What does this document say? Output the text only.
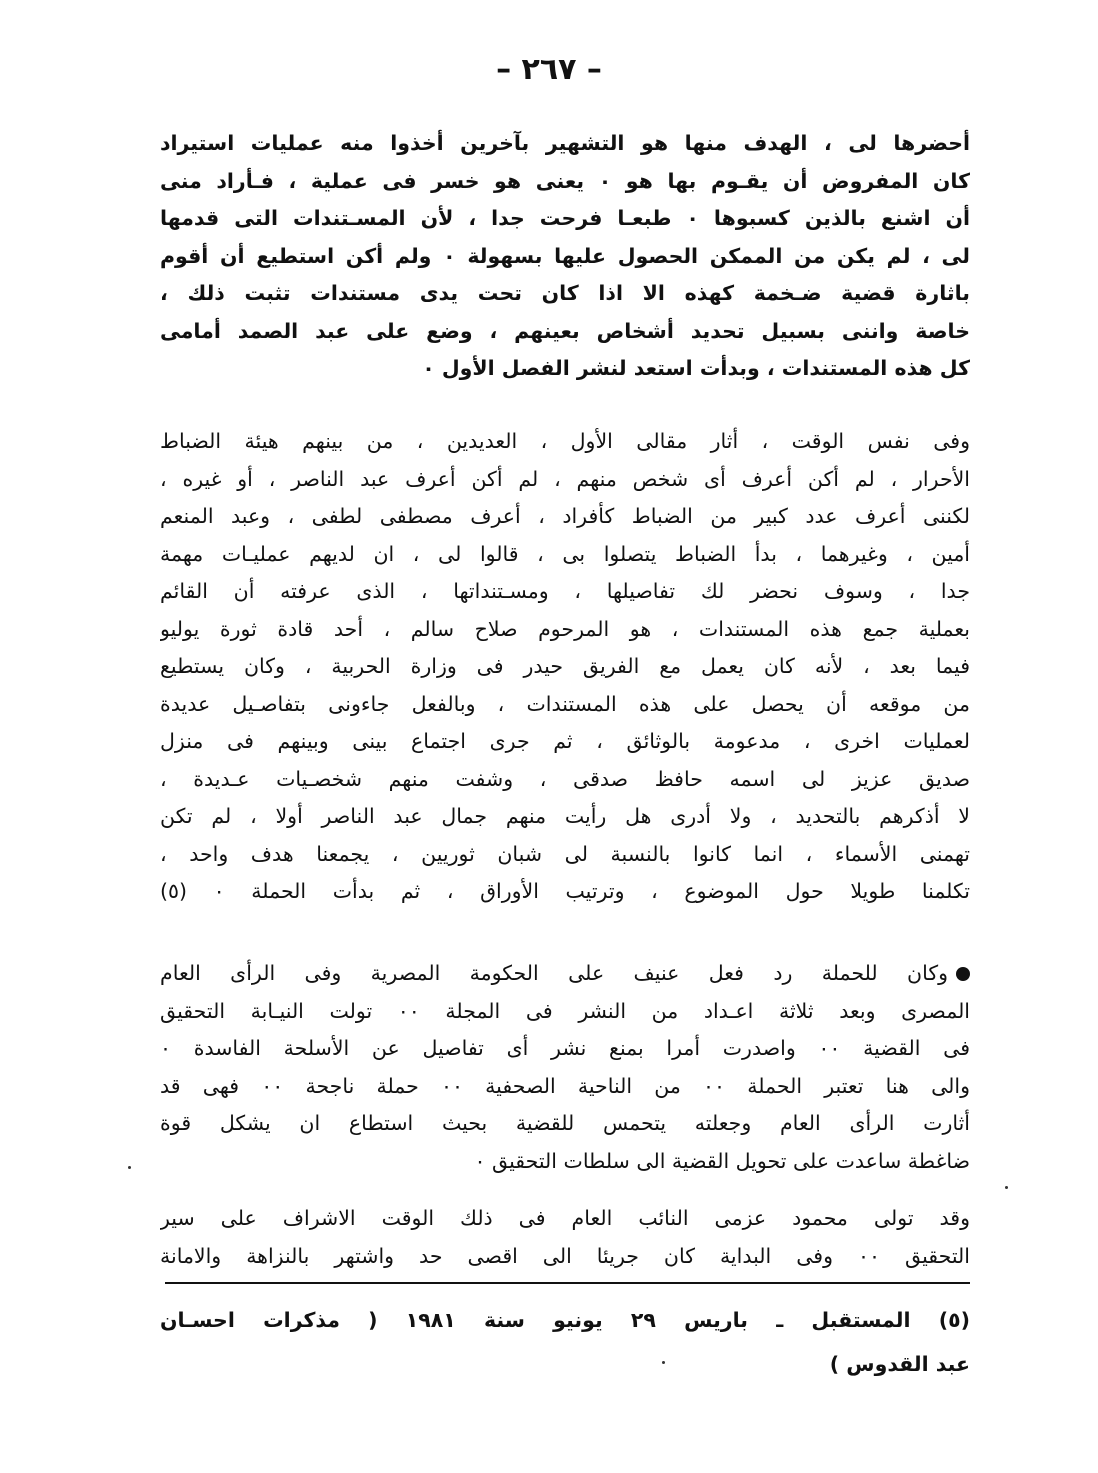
– ٢٦٧ –
أحضرها لى ، الهدف منها هو التشهير بآخرين أخذوا منه عمليات استيراد
كان المفروض أن يقـوم بها هو ٠ يعنى هو خسر فى عملية ، فـأراد منى
أن اشنع بالذين كسبوها ٠ طبعـا فرحت جدا ، لأن المسـتندات التى قدمها
لى ، لم يكن من الممكن الحصول عليها بسهولة ٠ ولم أكن استطيع أن أقوم
باثارة قضية ضـخمة كهذه الا اذا كان تحت يدى مستندات تثبت ذلك ،
خاصة واننى بسبيل تحديد أشخاص بعينهم ، وضع على عبد الصمد أمامى
كل هذه المستندات ، وبدأت استعد لنشر الفصل الأول ٠
وفى نفس الوقت ، أثار مقالى الأول ، العديدين ، من بينهم هيئة الضباط
الأحرار ، لم أكن أعرف أى شخص منهم ، لم أكن أعرف عبد الناصر ، أو غيره ،
لكننى أعرف عدد كبير من الضباط كأفراد ، أعرف مصطفى لطفى ، وعبد المنعم
أمين ، وغيرهما ، بدأ الضباط يتصلوا بى ، قالوا لى ، ان لديهم عمليـات مهمة
جدا ، وسوف نحضر لك تفاصيلها ، ومسـتنداتها ، الذى عرفته أن القائم
بعملية جمع هذه المستندات ، هو المرحوم صلاح سالم ، أحد قادة ثورة يوليو
فيما بعد ، لأنه كان يعمل مع الفريق حيدر فى وزارة الحربية ، وكان يستطيع
من موقعه أن يحصل على هذه المستندات ، وبالفعل جاءونى بتفاصـيل عديدة
لعمليات اخرى ، مدعومة بالوثائق ، ثم جرى اجتماع بينى وبينهم فى منزل
صديق عزيز لى اسمه حافظ صدقى ، وشفت منهم شخصـيات عـديدة ،
لا أذكرهم بالتحديد ، ولا أدرى هل رأيت منهم جمال عبد الناصر أولا ، لم تكن
تهمنى الأسماء ، انما كانوا بالنسبة لى شبان ثوريين ، يجمعنا هدف واحد ،
تكلمنا طويلا حول الموضوع ، وترتيب الأوراق ، ثم بدأت الحملة ٠ (٥)
وكان للحملة رد فعل عنيف على الحكومة المصرية وفى الرأى العام
المصرى وبعد ثلاثة اعـداد من النشر فى المجلة ٠٠ تولت النيـابة التحقيق
فى القضية ٠٠ واصدرت أمرا بمنع نشر أى تفاصيل عن الأسلحة الفاسدة ٠
والى هنا تعتبر الحملة ٠٠ من الناحية الصحفية ٠٠ حملة ناجحة ٠٠ فهى قد
أثارت الرأى العام وجعلته يتحمس للقضية بحيث استطاع ان يشكل قوة
ضاغطة ساعدت على تحويل القضية الى سلطات التحقيق ٠
وقد تولى محمود عزمى النائب العام فى ذلك الوقت الاشراف على سير
التحقيق ٠٠ وفى البداية كان جريئا الى اقصى حد واشتهر بالنزاهة والامانة
(٥) المستقبل ـ باريس ٢٩ يونيو سنة ١٩٨١ ( مذكرات احسـان
عبد القدوس )
